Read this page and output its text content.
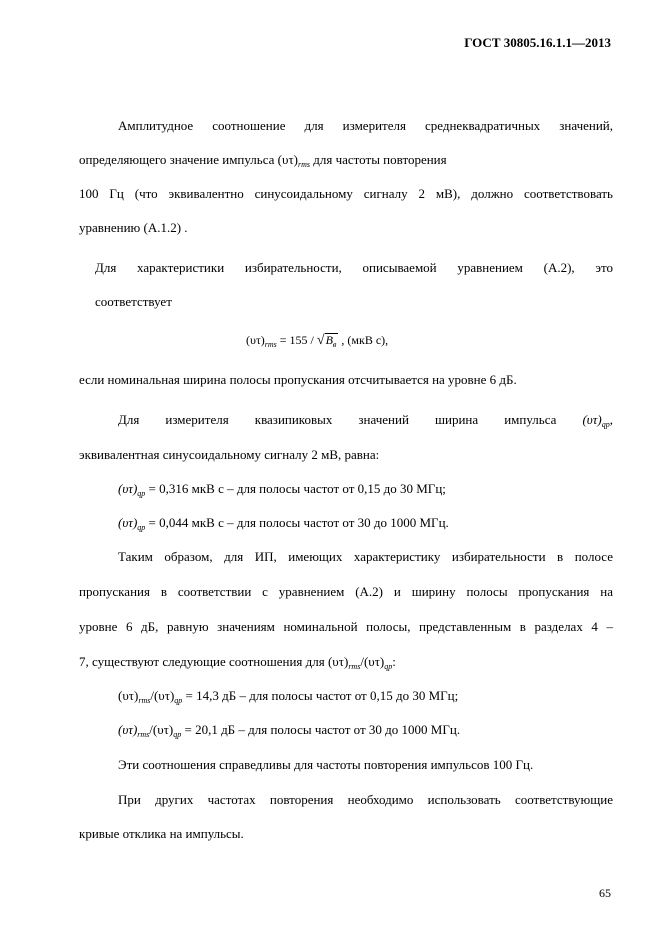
ГОСТ 30805.16.1.1—2013
Амплитудное соотношение для измерителя среднеквадратичных значений,
определяющего значение импульса $(\upsilon\tau)_{rms}$ для частоты повторения
100 Гц (что эквивалентно синусоидальному сигналу 2 мВ), должно соответствовать
уравнению (А.1.2) .
Для характеристики избирательности, описываемой уравнением (А.2), это
соответствует
$(\upsilon\tau)_{rms} = 155 / √B_в$ , (мкВ с),
если номинальная ширина полосы пропускания отсчитывается на уровне 6 дБ.
Для измерителя квазипиковых значений ширина импульса $(\upsilon\tau)_{qp}$,
эквивалентная синусоидальному сигналу 2 мВ, равна:
$(\upsilon\tau)_{qp} = 0,316$ мкВ с – для полосы частот от 0,15 до 30 МГц;
$(\upsilon\tau)_{qp} = 0,044$ мкВ с – для полосы частот от 30 до 1000 МГц.
Таким образом, для ИП, имеющих характеристику избирательности в полосе
пропускания в соответствии с уравнением (А.2) и ширину полосы пропускания на
уровне 6 дБ, равную значениям номинальной полосы, представленным в разделах 4 –
7, существуют следующие соотношения для $(\upsilon\tau)_{rms}/(\upsilon\tau)_{qp}$:
$(\upsilon\tau)_{rms}/(\upsilon\tau)_{qp} = 14,3$ дБ – для полосы частот от 0,15 до 30 МГц;
$(\upsilon\tau)_{rms}/(\upsilon\tau)_{qp} = 20,1$ дБ – для полосы частот от 30 до 1000 МГц.
Эти соотношения справедливы для частоты повторения импульсов 100 Гц.
При других частотах повторения необходимо использовать соответствующие
кривые отклика на импульсы.
65
